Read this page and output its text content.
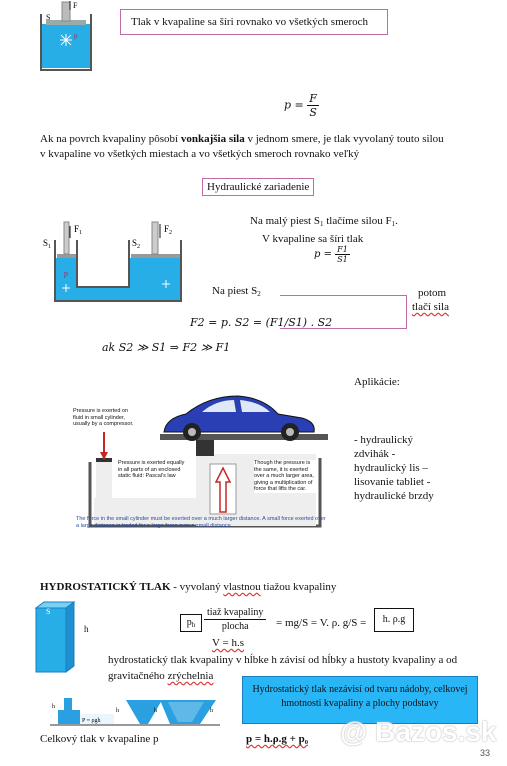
S
F
p
Tlak v kvapaline sa šíri rovnako vo všetkých smeroch
$p = \frac{F}{S}$
Ak na povrch kvapaliny pôsobí vonkajšia sila v jednom smere, je tlak vyvolaný touto silou
v kvapaline vo všetkých miestach a vo všetkých smeroch rovnako veľký
Hydraulické zariadenie
$S_1$	$S_2$
$F_1$	$F_2$
p
Na malý piest $S_1$ tlačíme silou $F_1$.
V kvapaline sa šíri tlak
$p = \frac{F1}{S1}$
Na piest $S_2$	potom
tlačí sila
F2 = p. S2 = (F1/S1) . S2
ak S2 ≫ S1 ⇒ F2 ≫ F1
Aplikácie:
- hydraulický
zdvihák -
hydraulický lis –
lisovanie tabliet -
hydraulické brzdy
Pressure is exerted on fluid in small cylinder, usually by a compressor.
Pressure is exerted equally in all parts of an enclosed static fluid: Pascal's law
Though the pressure is the same, it is exerted over a much larger area, giving a multiplication of force that lifts the car.
The force in the small cylinder must be exerted over a much larger distance. A small force exerted over a large distance is traded for a large force over a small distance.
HYDROSTATICKÝ TLAK - vyvolaný vlastnou tiažou kvapaliny
S
h
$p_h$
tiaž kvapaliny
plocha	= mg/S = V. ρ. g/S =	h. ρ.g
V = h.s
hydrostatický tlak kvapaliny v hĺbke h závisí od hĺbky a hustoty kvapaliny a od
gravitačného zrýchelnia
Hydrostatický tlak nezávisí od tvaru nádoby, celkovej hmotnosti kvapaliny a plochy podstavy
h
h	h	h
P = ρgh
Celkový tlak v kvapaline p	p = h.ρ.g + p₀ @ Bazos.sk
33
